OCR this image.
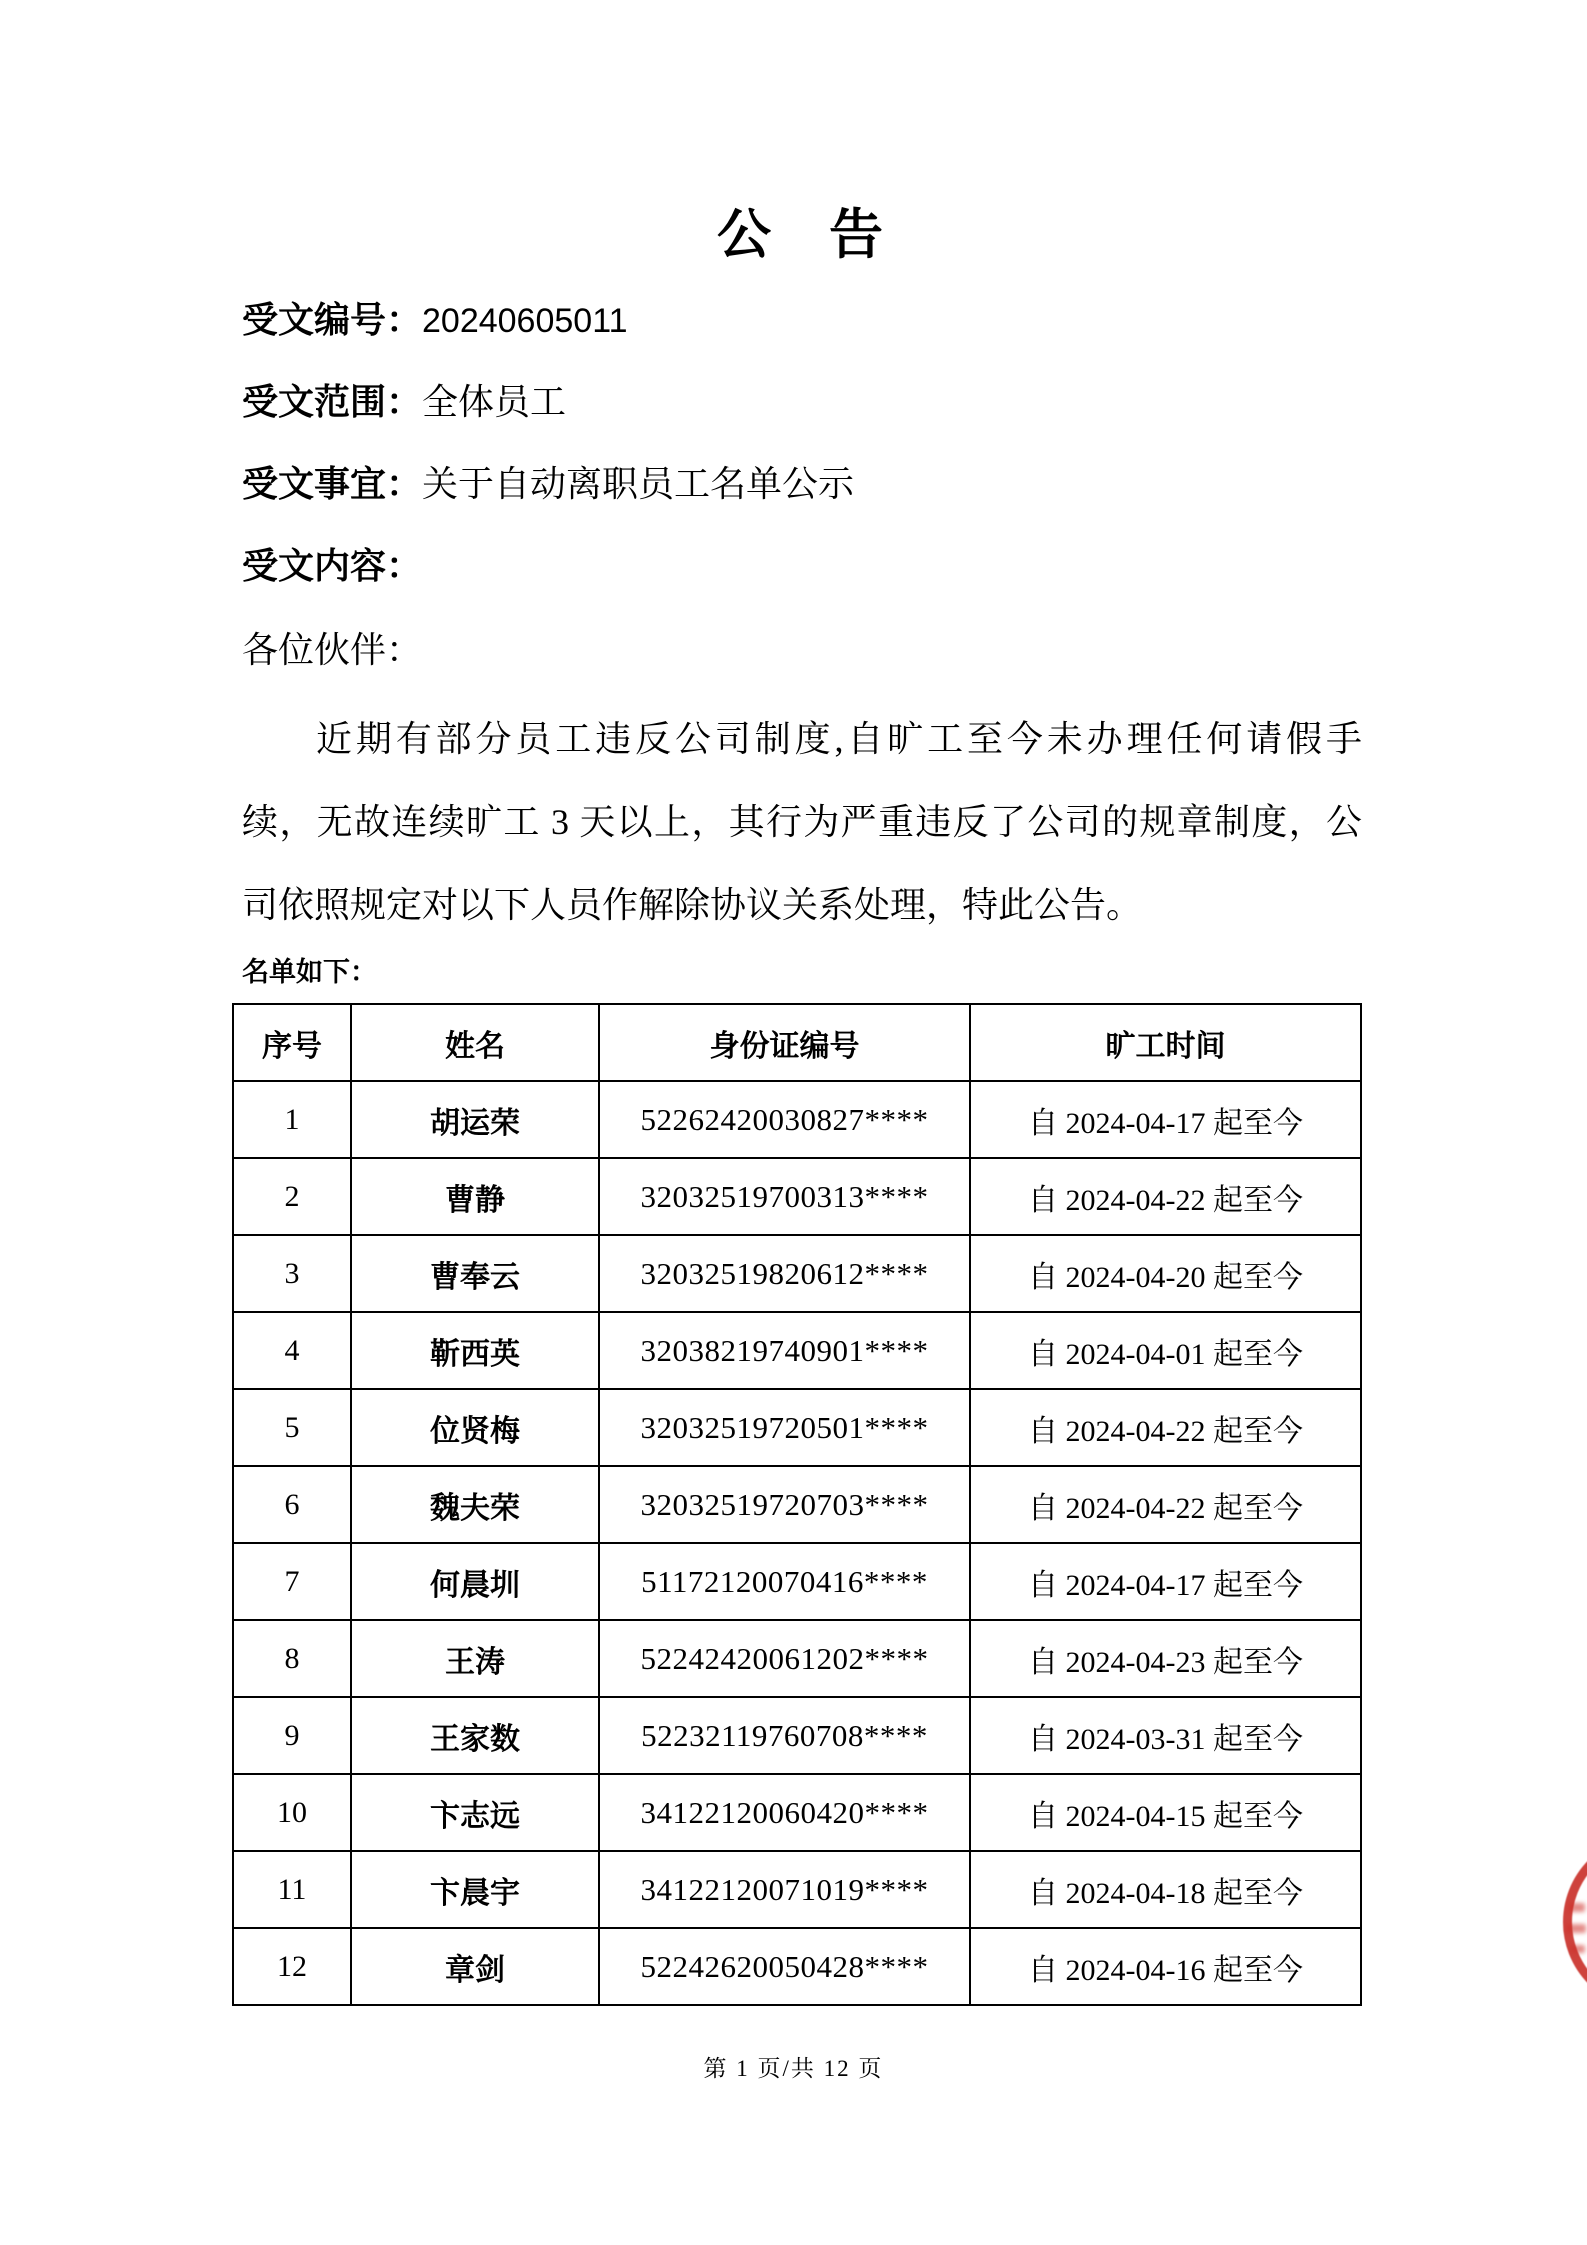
公　告
受文编号：20240605011
受文范围：全体员工
受文事宜：关于自动离职员工名单公示
受文内容：
各位伙伴：
近期有部分员工违反公司制度,自旷工至今未办理任何请假手
续，无故连续旷工 3 天以上，其行为严重违反了公司的规章制度，公
司依照规定对以下人员作解除协议关系处理，特此公告。
名单如下：
序号	姓名	身份证编号	旷工时间
1	胡运荣	52262420030827****	自 2024-04-17 起至今
2	曹静	32032519700313****	自 2024-04-22 起至今
3	曹奉云	32032519820612****	自 2024-04-20 起至今
4	靳西英	32038219740901****	自 2024-04-01 起至今
5	位贤梅	32032519720501****	自 2024-04-22 起至今
6	魏夫荣	32032519720703****	自 2024-04-22 起至今
7	何晨圳	51172120070416****	自 2024-04-17 起至今
8	王涛	52242420061202****	自 2024-04-23 起至今
9	王家数	52232119760708****	自 2024-03-31 起至今
10	卞志远	34122120060420****	自 2024-04-15 起至今
11	卞晨宇	34122120071019****	自 2024-04-18 起至今
12	章剑	52242620050428****	自 2024-04-16 起至今
第 1 页/共 12 页
